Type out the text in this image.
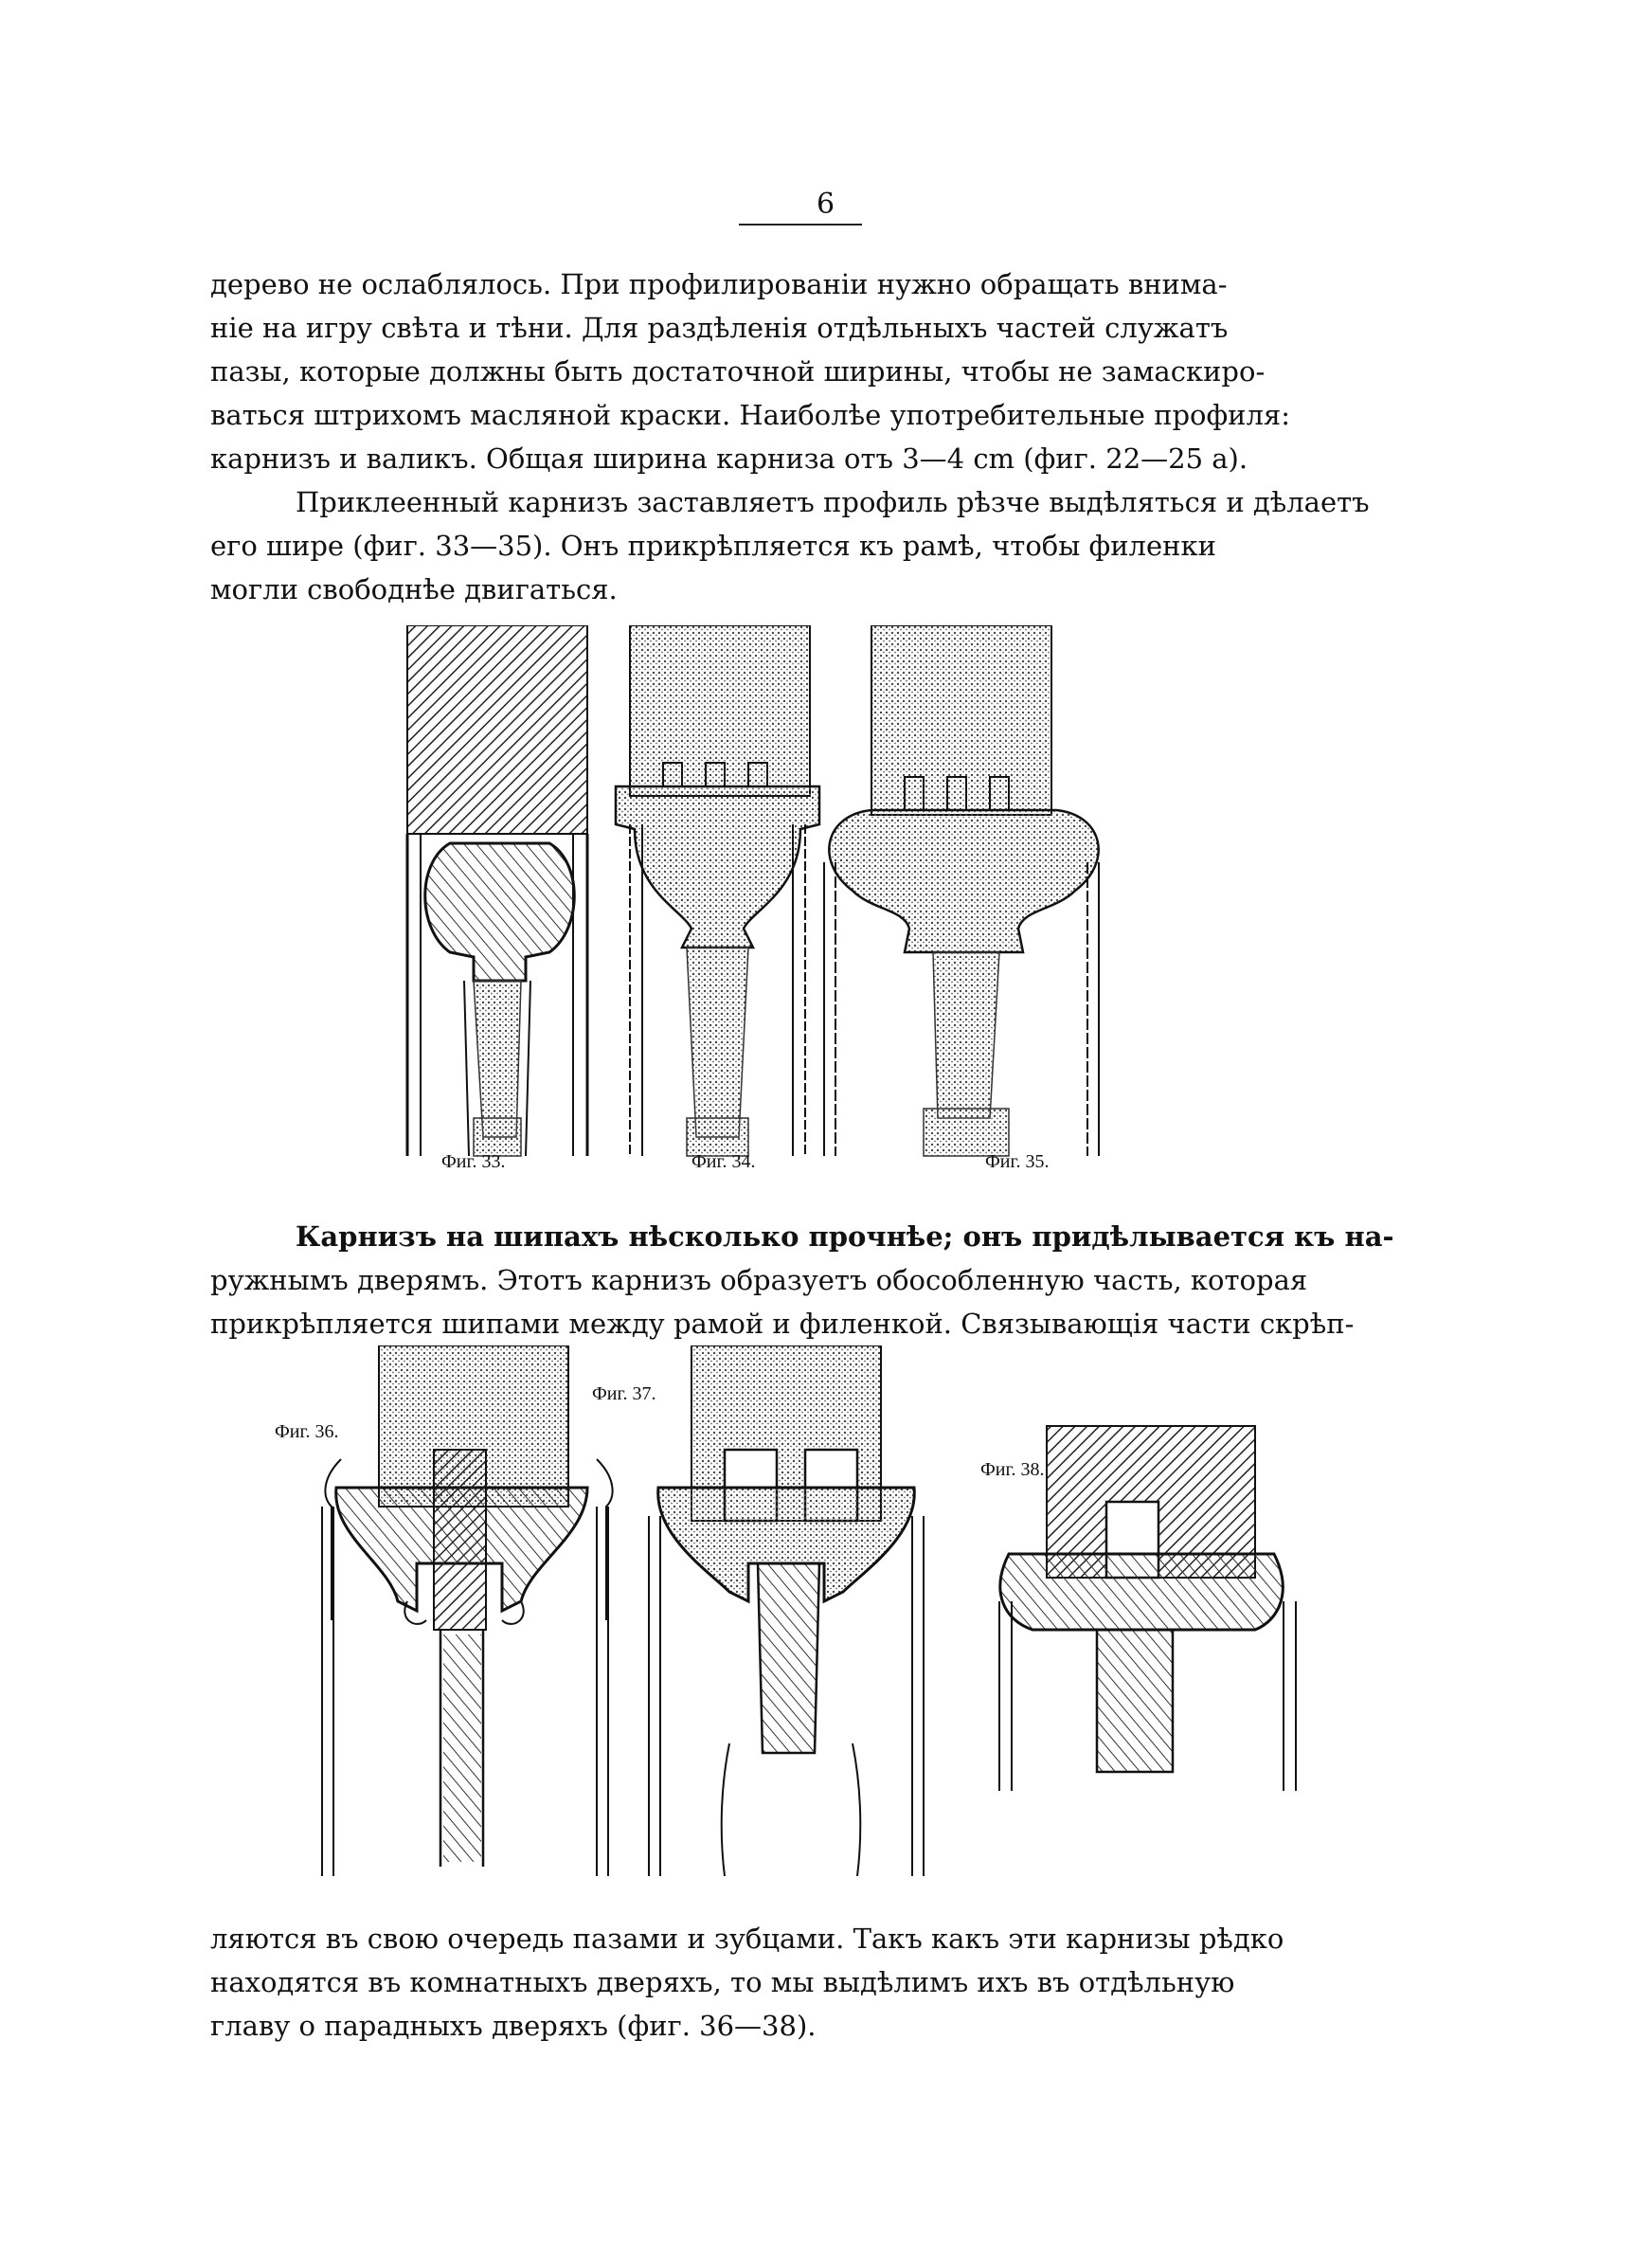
6
дерево не ослаблялось. При профилированіи нужно обращать внима-
ніе на игру свѣта и тѣни. Для раздѣленія отдѣльныхъ частей служатъ
пазы, которые должны быть достаточной ширины, чтобы не замаскиро-
ваться штрихомъ масляной краски. Наиболѣе употребительные профиля:
карнизъ и валикъ. Общая ширина карниза отъ 3—4 cm (фиг. 22—25 а).
Приклеенный карнизъ заставляетъ профиль рѣзче выдѣляться и дѣлаетъ
его шире (фиг. 33—35). Онъ прикрѣпляется къ рамѣ, чтобы филенки
могли свободнѣе двигаться.
Фиг. 33.	Фиг. 34.	Фиг. 35.
Карнизъ на шипахъ нѣсколько прочнѣе; онъ придѣлывается къ на-
ружнымъ дверямъ. Этотъ карнизъ образуетъ обособленную часть, которая
прикрѣпляется шипами между рамой и филенкой. Связывающія части скрѣп-
Фиг. 36.
Фиг. 37.
Фиг. 38.
ляются въ свою очередь пазами и зубцами. Такъ какъ эти карнизы рѣдко
находятся въ комнатныхъ дверяхъ, то мы выдѣлимъ ихъ въ отдѣльную
главу о парадныхъ дверяхъ (фиг. 36—38).
